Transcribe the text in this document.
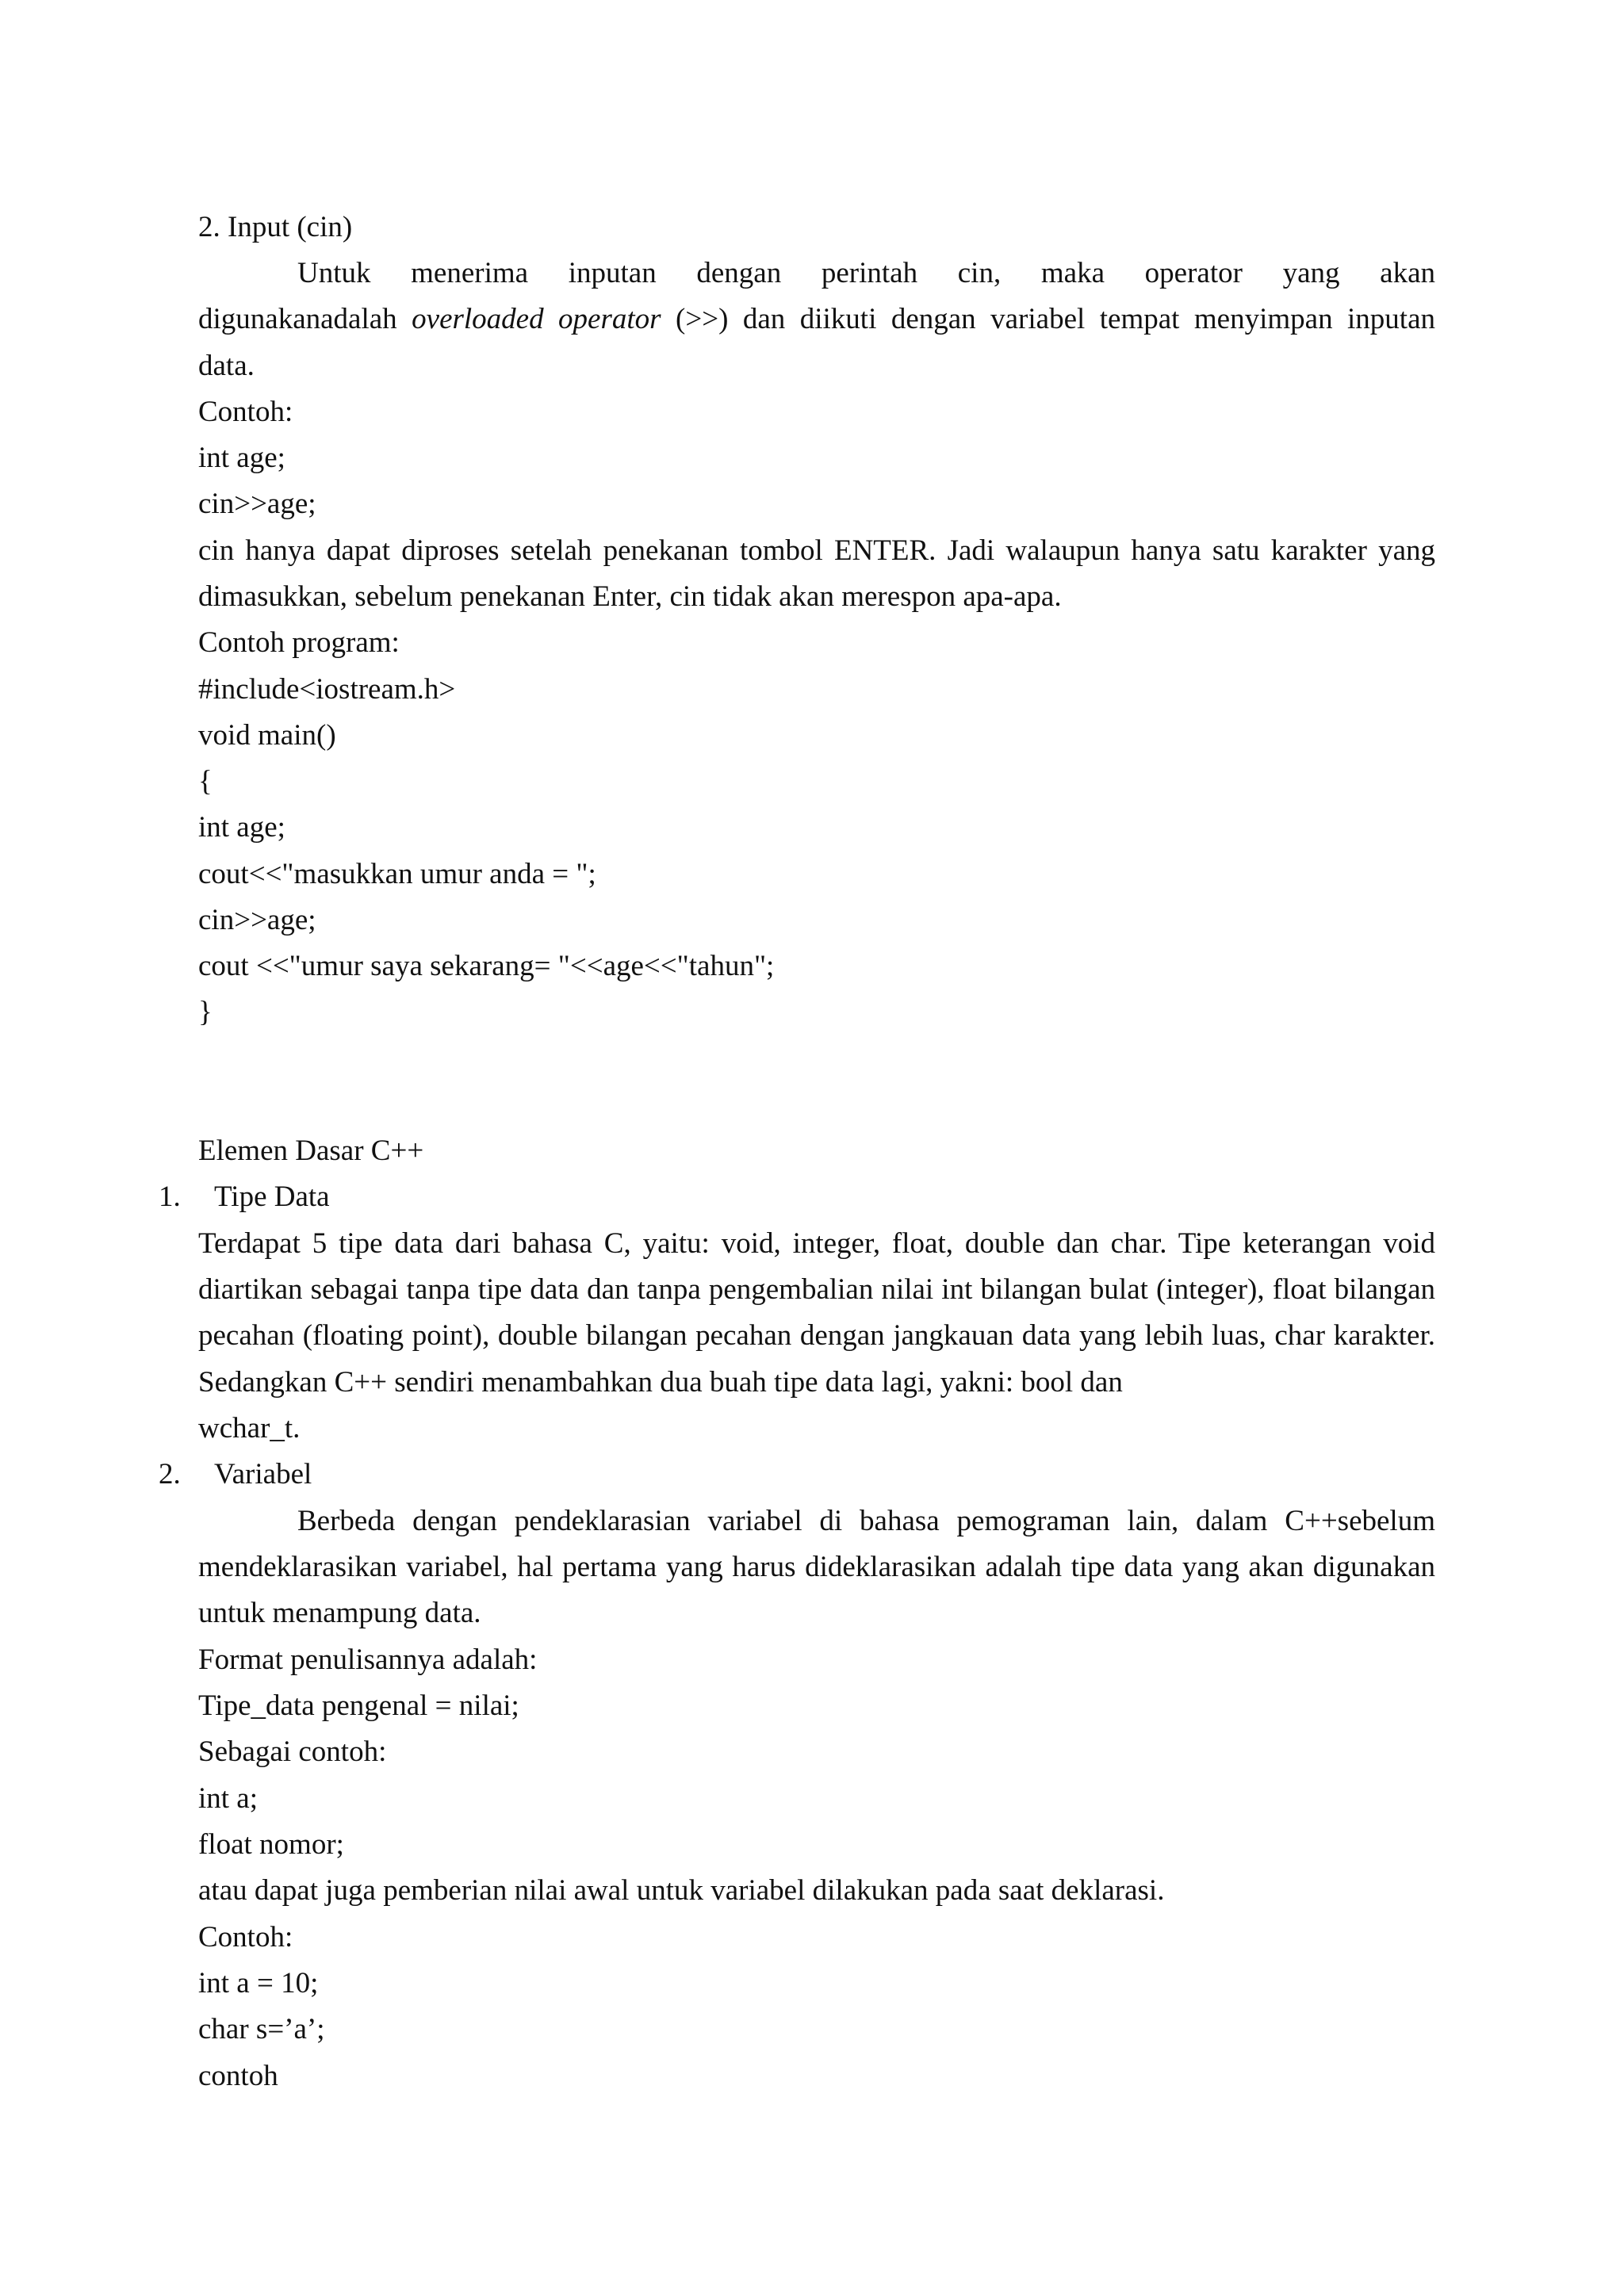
2. Input (cin)
Untuk menerima inputan dengan perintah cin, maka operator yang akan
digunakanadalah overloaded operator (>>) dan diikuti dengan variabel tempat menyimpan inputan
data.
Contoh:
int age;
cin>>age;
cin hanya dapat diproses setelah penekanan tombol ENTER. Jadi walaupun hanya satu karakter yang
dimasukkan, sebelum penekanan Enter, cin tidak akan merespon apa-apa.
Contoh program:
#include<iostream.h>
void main()
{
int age;
cout<<"masukkan umur anda = ";
cin>>age;
cout <<"umur saya sekarang= "<<age<<"tahun";
}
Elemen Dasar C++
1. Tipe Data
Terdapat 5 tipe data dari bahasa C, yaitu: void, integer, float, double dan char. Tipe keterangan void
diartikan sebagai tanpa tipe data dan tanpa pengembalian nilai int bilangan bulat (integer), float bilangan
pecahan (floating point), double bilangan pecahan dengan jangkauan data yang lebih luas, char karakter.
Sedangkan C++ sendiri menambahkan dua buah tipe data lagi, yakni: bool dan
wchar_t.
2. Variabel
Berbeda dengan pendeklarasian variabel di bahasa pemograman lain, dalam C++sebelum
mendeklarasikan variabel, hal pertama yang harus dideklarasikan adalah tipe data yang akan digunakan
untuk menampung data.
Format penulisannya adalah:
Tipe_data pengenal = nilai;
Sebagai contoh:
int a;
float nomor;
atau dapat juga pemberian nilai awal untuk variabel dilakukan pada saat deklarasi.
Contoh:
int a = 10;
char s=’a’;
contoh
